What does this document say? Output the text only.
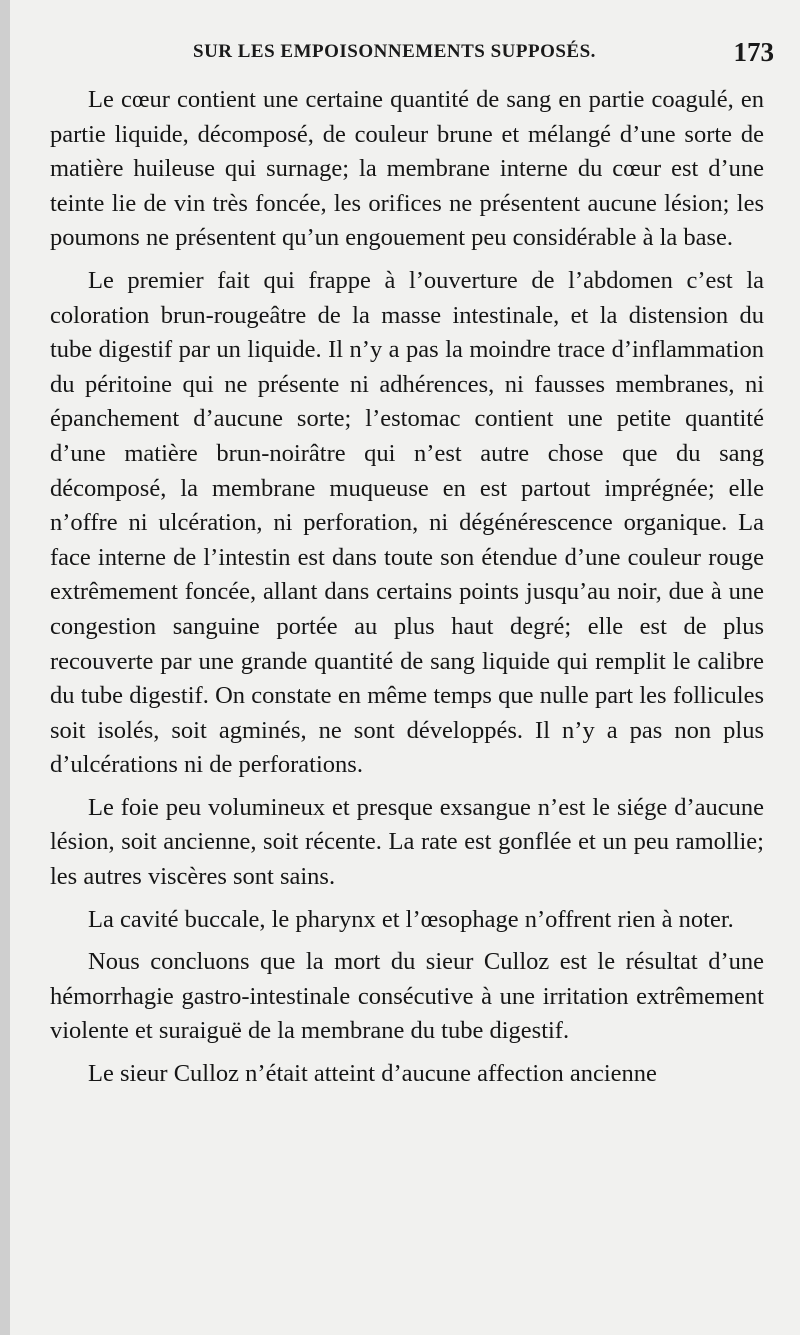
SUR LES EMPOISONNEMENTS SUPPOSÉS.	173

Le cœur contient une certaine quantité de sang en partie coagulé, en partie liquide, décomposé, de couleur brune et mélangé d’une sorte de matière huileuse qui surnage; la membrane interne du cœur est d’une teinte lie de vin très foncée, les orifices ne présentent aucune lésion; les poumons ne présentent qu’un engouement peu considérable à la base.

Le premier fait qui frappe à l’ouverture de l’abdomen c’est la coloration brun-rougeâtre de la masse intestinale, et la distension du tube digestif par un liquide. Il n’y a pas la moindre trace d’inflammation du péritoine qui ne présente ni adhérences, ni fausses membranes, ni épanchement d’aucune sorte; l’estomac contient une petite quantité d’une matière brun-noirâtre qui n’est autre chose que du sang décomposé, la membrane muqueuse en est partout imprégnée; elle n’offre ni ulcération, ni perforation, ni dégénérescence organique. La face interne de l’intestin est dans toute son étendue d’une couleur rouge extrêmement foncée, allant dans certains points jusqu’au noir, due à une congestion sanguine portée au plus haut degré; elle est de plus recouverte par une grande quantité de sang liquide qui remplit le calibre du tube digestif. On constate en même temps que nulle part les follicules soit isolés, soit agminés, ne sont développés. Il n’y a pas non plus d’ulcérations ni de perforations.

Le foie peu volumineux et presque exsangue n’est le siége d’aucune lésion, soit ancienne, soit récente. La rate est gonflée et un peu ramollie; les autres viscères sont sains.

La cavité buccale, le pharynx et l’œsophage n’offrent rien à noter.

Nous concluons que la mort du sieur Culloz est le résultat d’une hémorrhagie gastro-intestinale consécutive à une irritation extrêmement violente et suraiguë de la membrane du tube digestif.

Le sieur Culloz n’était atteint d’aucune affection ancienne
